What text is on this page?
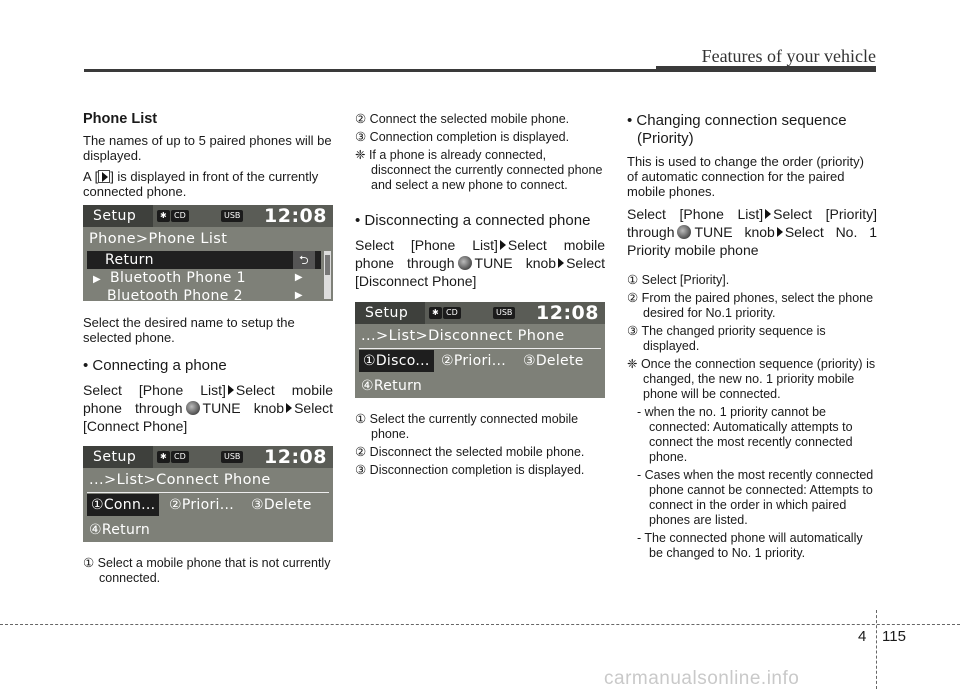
Features of your vehicle
Phone List

The names of up to 5 paired phones will be displayed.

A [ ] is displayed in front of the currently connected phone.

Setup	✱ CD	USB 12:08
Phone>Phone List
Return	⮌
▶ Bluetooth Phone 1	▶
Bluetooth Phone 2	▶

Select the desired name to setup the selected phone.

• Connecting a phone
Select [Phone List] Select mobile phone through TUNE knob Select [Connect Phone]
Setup	✱ CD	USB 12:08
...>List>Connect Phone
①Conn... ②Priori... ③Delete
④Return
① Select a mobile phone that is not currently connected.
② Connect the selected mobile phone.
③ Connection completion is displayed.
❈ If a phone is already connected, disconnect the currently connected phone and select a new phone to connect.
• Disconnecting a connected phone
Select [Phone List] Select mobile phone through TUNE knob Select [Disconnect Phone]
Setup	✱ CD	USB 12:08
...>List>Disconnect Phone
①Disco... ②Priori... ③Delete
④Return
① Select the currently connected mobile phone.
② Disconnect the selected mobile phone.
③ Disconnection completion is displayed.
• Changing connection sequence (Priority)

This is used to change the order (priority) of automatic connection for the paired mobile phones.

Select [Phone List] Select [Priority] through TUNE knob Select No. 1 Priority mobile phone
① Select [Priority].
② From the paired phones, select the phone desired for No.1 priority.
③ The changed priority sequence is displayed.
❈ Once the connection sequence (priority) is changed, the new no. 1 priority mobile phone will be connected.
- when the no. 1 priority cannot be connected: Automatically attempts to connect the most recently connected phone.
- Cases when the most recently connected phone cannot be connected: Attempts to connect in the order in which paired phones are listed.
- The connected phone will automatically be changed to No. 1 priority.
4 115
carmanualsonline.info
